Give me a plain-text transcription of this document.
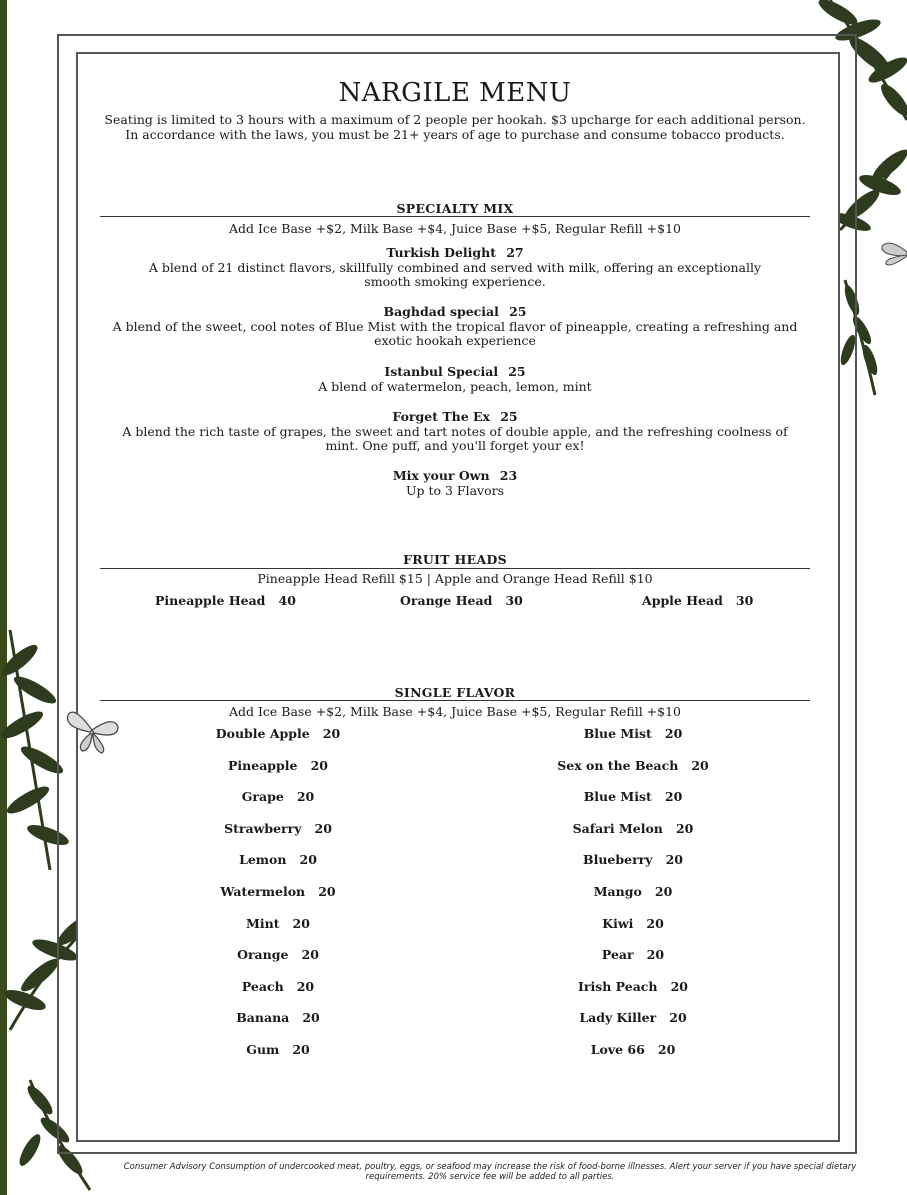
NARGILE MENU
Seating is limited to 3 hours with a maximum of 2 people per hookah. $3 upcharge for each additional person. In accordance with the laws, you must be 21+ years of age to purchase and consume tobacco products.
SPECIALTY MIX
Add Ice Base +$2, Milk Base +$4, Juice Base +$5, Regular Refill +$10
Turkish Delight 27
A blend of 21 distinct flavors, skillfully combined and served with milk, offering an exceptionally smooth smoking experience.
Baghdad special 25
A blend of the sweet, cool notes of Blue Mist with the tropical flavor of pineapple, creating a refreshing and exotic hookah experience
Istanbul Special 25
A blend of watermelon, peach, lemon, mint
Forget The Ex 25
A blend the rich taste of grapes, the sweet and tart notes of double apple, and the refreshing coolness of mint. One puff, and you'll forget your ex!
Mix your Own 23
Up to 3 Flavors
FRUIT HEADS
Pineapple Head Refill $15 | Apple and Orange Head Refill $10
Pineapple Head 40	Orange Head 30	Apple Head 30
SINGLE FLAVOR
Add Ice Base +$2, Milk Base +$4, Juice Base +$5, Regular Refill +$10
Double Apple 20
Pineapple 20
Grape 20
Strawberry 20
Lemon 20
Watermelon 20
Mint 20
Orange 20
Peach 20
Banana 20
Gum 20
Blue Mist 20
Sex on the Beach 20
Blue Mist 20
Safari Melon 20
Blueberry 20
Mango 20
Kiwi 20
Pear 20
Irish Peach 20
Lady Killer 20
Love 66 20
Consumer Advisory Consumption of undercooked meat, poultry, eggs, or seafood may increase the risk of food-borne illnesses. Alert your server if you have special dietary requirements. 20% service fee will be added to all parties.
